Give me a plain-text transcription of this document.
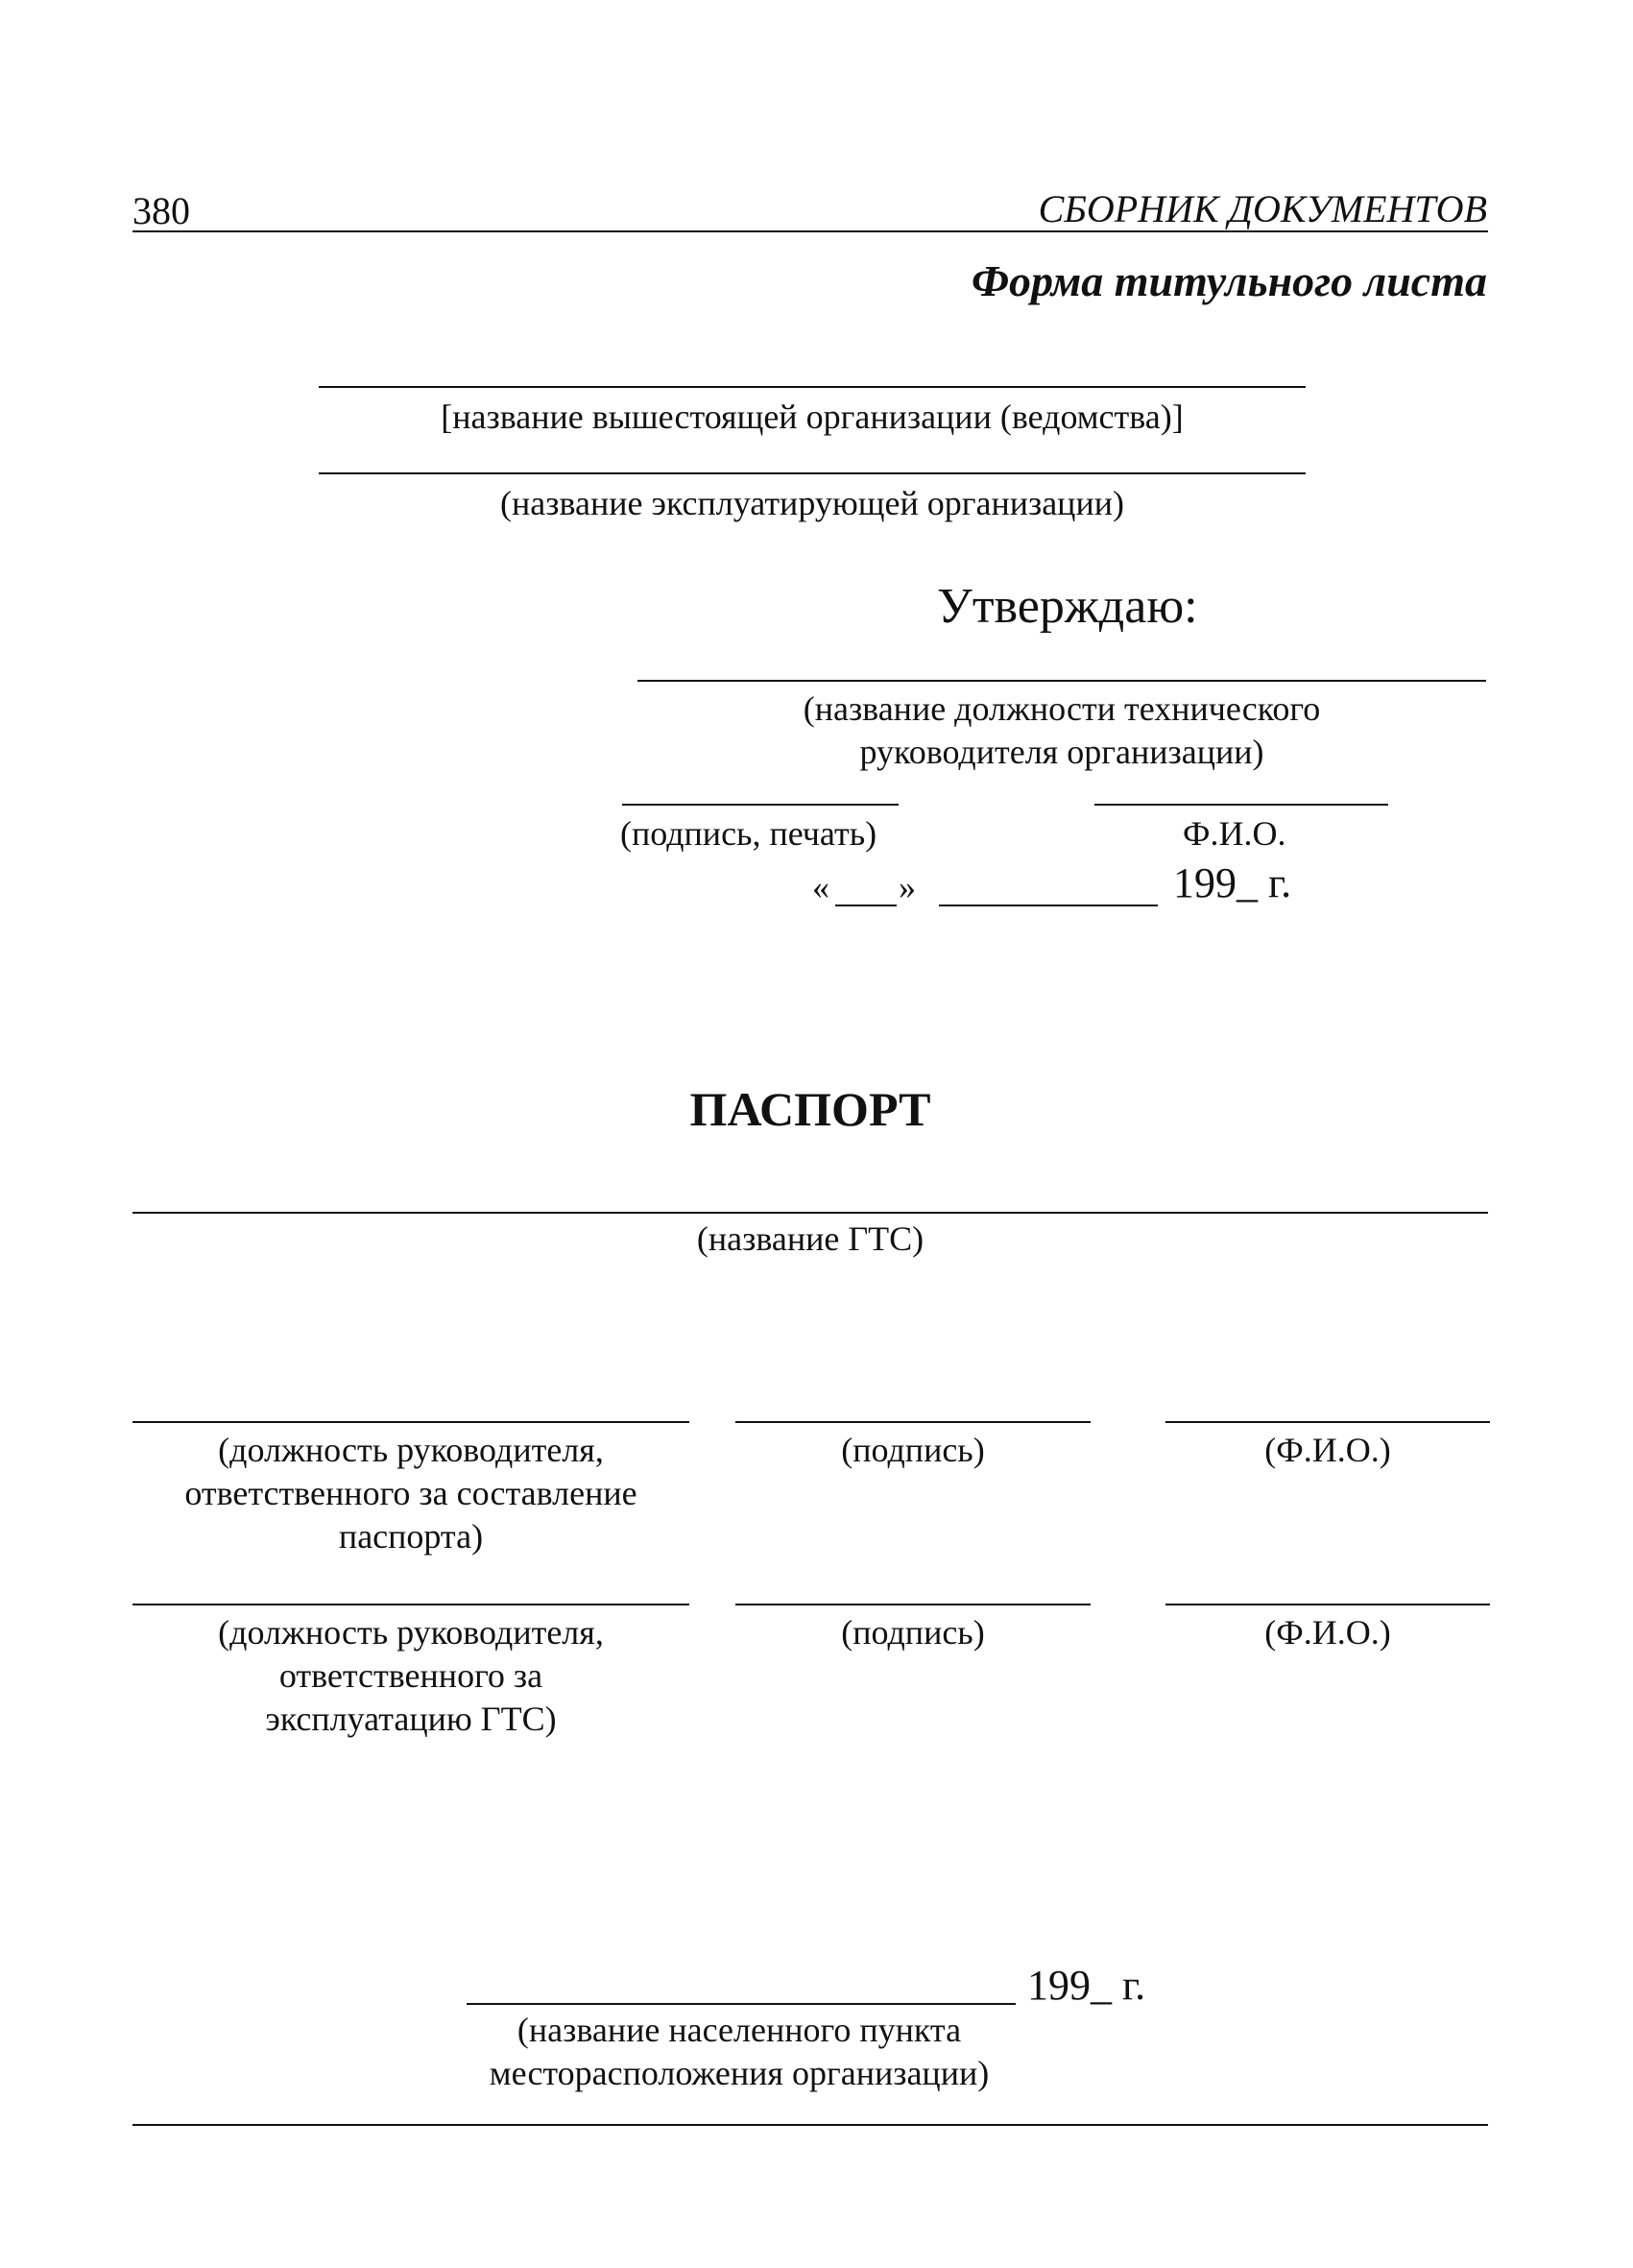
380	СБОРНИК ДОКУМЕНТОВ
Форма титульного листа
[название вышестоящей организации (ведомства)]
(название эксплуатирующей организации)
Утверждаю:
(название должности технического
руководителя организации)
(подпись, печать)	Ф.И.О.
« »	199_ г.
ПАСПОРТ
(название ГТС)
(должность руководителя,
ответственного за составление
паспорта)
(подпись)	(Ф.И.О.)
(должность руководителя,
ответственного за
эксплуатацию ГТС)
(подпись)	(Ф.И.О.)
199_ г.
(название населенного пункта
месторасположения организации)
